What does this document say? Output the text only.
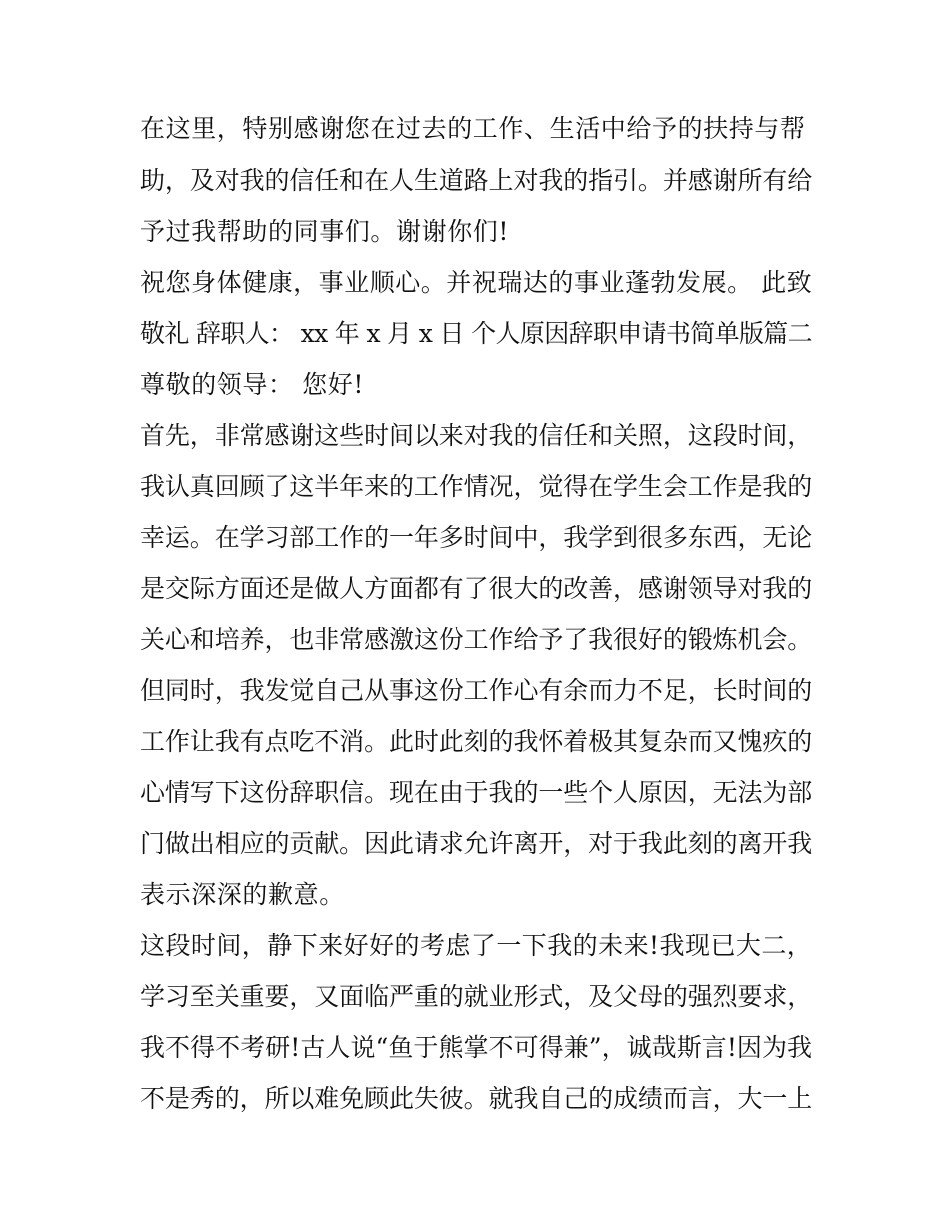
在这里，特别感谢您在过去的工作、生活中给予的扶持与帮
助，及对我的信任和在人生道路上对我的指引。并感谢所有给
予过我帮助的同事们。谢谢你们!
祝您身体健康，事业顺心。并祝瑞达的事业蓬勃发展。 此致
敬礼 辞职人： xx 年 x 月 x 日 个人原因辞职申请书简单版篇二
尊敬的领导： 您好!
首先，非常感谢这些时间以来对我的信任和关照，这段时间，
我认真回顾了这半年来的工作情况，觉得在学生会工作是我的
幸运。在学习部工作的一年多时间中，我学到很多东西，无论
是交际方面还是做人方面都有了很大的改善，感谢领导对我的
关心和培养，也非常感激这份工作给予了我很好的锻炼机会。
但同时，我发觉自己从事这份工作心有余而力不足，长时间的
工作让我有点吃不消。此时此刻的我怀着极其复杂而又愧疚的
心情写下这份辞职信。现在由于我的一些个人原因，无法为部
门做出相应的贡献。因此请求允许离开，对于我此刻的离开我
表示深深的歉意。
这段时间，静下来好好的考虑了一下我的未来!我现已大二，
学习至关重要，又面临严重的就业形式，及父母的强烈要求，
我不得不考研!古人说“鱼于熊掌不可得兼”，诚哉斯言!因为我
不是秀的，所以难免顾此失彼。就我自己的成绩而言，大一上
